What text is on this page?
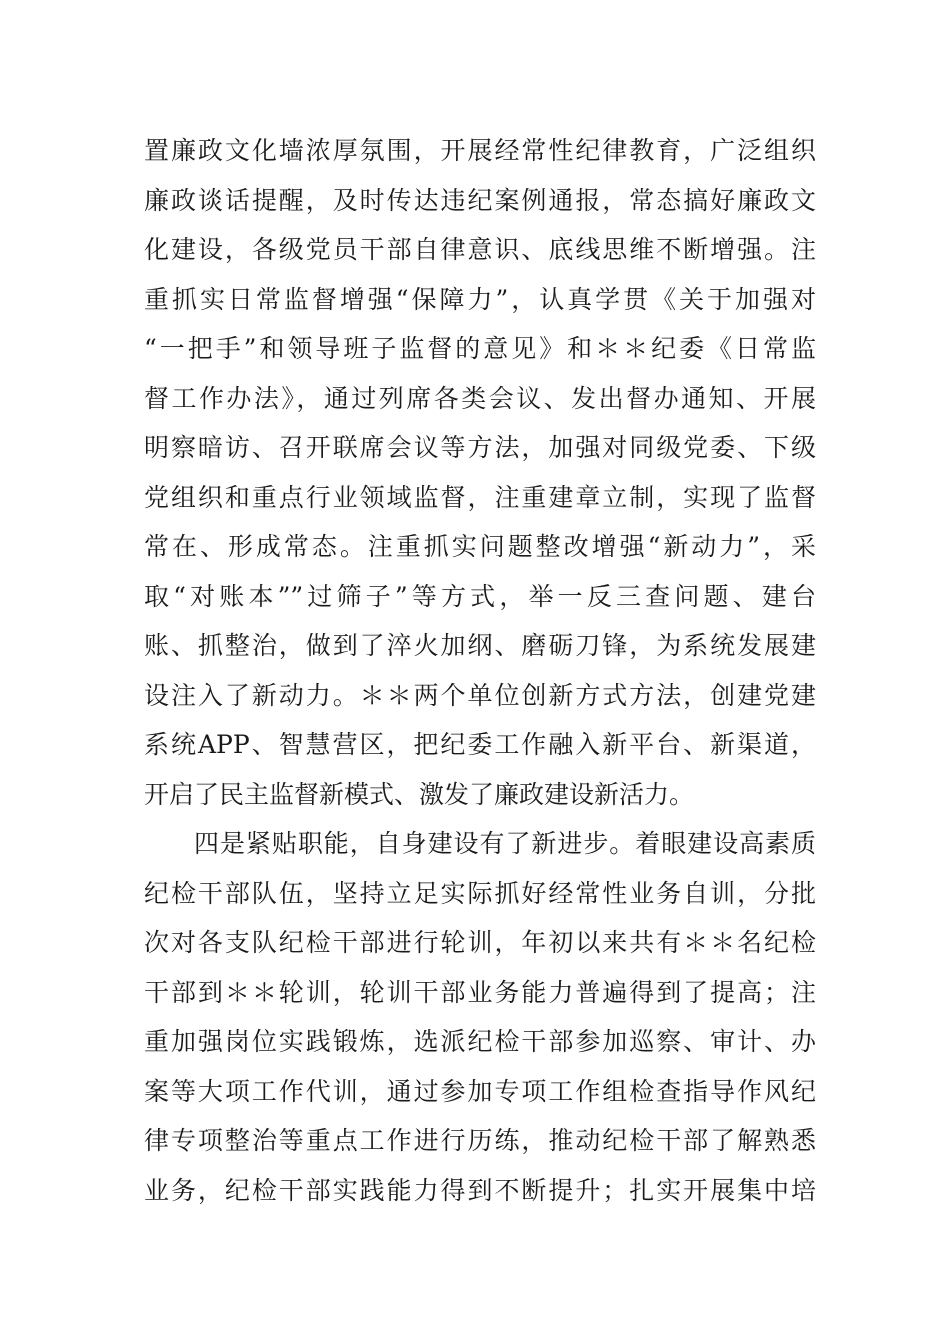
置廉政文化墙浓厚氛围，开展经常性纪律教育，广泛组织
廉政谈话提醒，及时传达违纪案例通报，常态搞好廉政文
化建设，各级党员干部自律意识、底线思维不断增强。注
重抓实日常监督增强“保障力”，认真学贯《关于加强对
“一把手”和领导班子监督的意见》和＊＊纪委《日常监
督工作办法》，通过列席各类会议、发出督办通知、开展
明察暗访、召开联席会议等方法，加强对同级党委、下级
党组织和重点行业领域监督，注重建章立制，实现了监督
常在、形成常态。注重抓实问题整改增强“新动力”，采
取“对账本””过筛子”等方式，举一反三查问题、建台
账、抓整治，做到了淬火加纲、磨砺刀锋，为系统发展建
设注入了新动力。＊＊两个单位创新方式方法，创建党建
系统APP、智慧营区，把纪委工作融入新平台、新渠道，
开启了民主监督新模式、激发了廉政建设新活力。
四是紧贴职能，自身建设有了新进步。着眼建设高素质
纪检干部队伍，坚持立足实际抓好经常性业务自训，分批
次对各支队纪检干部进行轮训，年初以来共有＊＊名纪检
干部到＊＊轮训，轮训干部业务能力普遍得到了提高；注
重加强岗位实践锻炼，选派纪检干部参加巡察、审计、办
案等大项工作代训，通过参加专项工作组检查指导作风纪
律专项整治等重点工作进行历练，推动纪检干部了解熟悉
业务，纪检干部实践能力得到不断提升；扎实开展集中培
